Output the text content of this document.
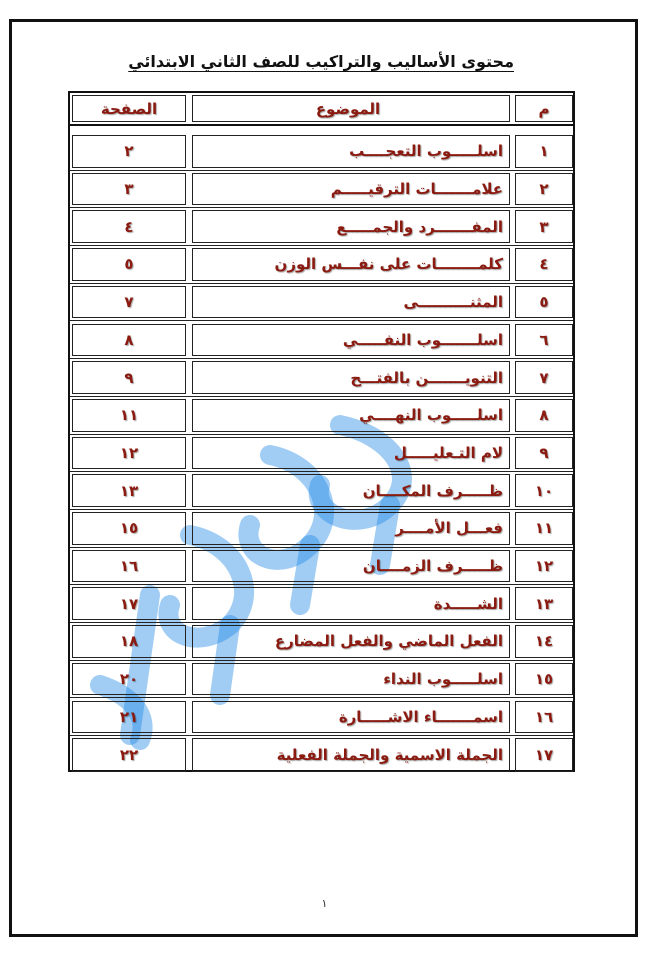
محتوى الأساليب والتراكيب للصف الثاني الابتدائي
م
الموضوع
الصفحة
١
اسلـــــوب التعجــــب
٢
٢
علامـــــــات الترقيـــــم
٣
٣
المفـــــــرد والجمـــــع
٤
٤
كلمــــــــات على نفـــس الوزن
٥
٥
المثنــــــــــى
٧
٦
اسلـــــــوب النفـــــي
٨
٧
التنويـــــــن بالفتـــح
٩
٨
اسلـــــوب النهــــي
١١
٩
لام التـعليـــــل
١٢
١٠
ظـــــرف المكــــان
١٣
١١
فعـــل الأمــــر
١٥
١٢
ظـــــرف الزمــــان
١٦
١٣
الشـــــدة
١٧
١٤
الفعل الماضي والفعل المضارع
١٨
١٥
اسلـــــوب النداء
٢٠
١٦
اسمـــــــاء الاشـــــارة
٢١
١٧
الجملة الاسمية والجملة الفعلية
٢٢
١
